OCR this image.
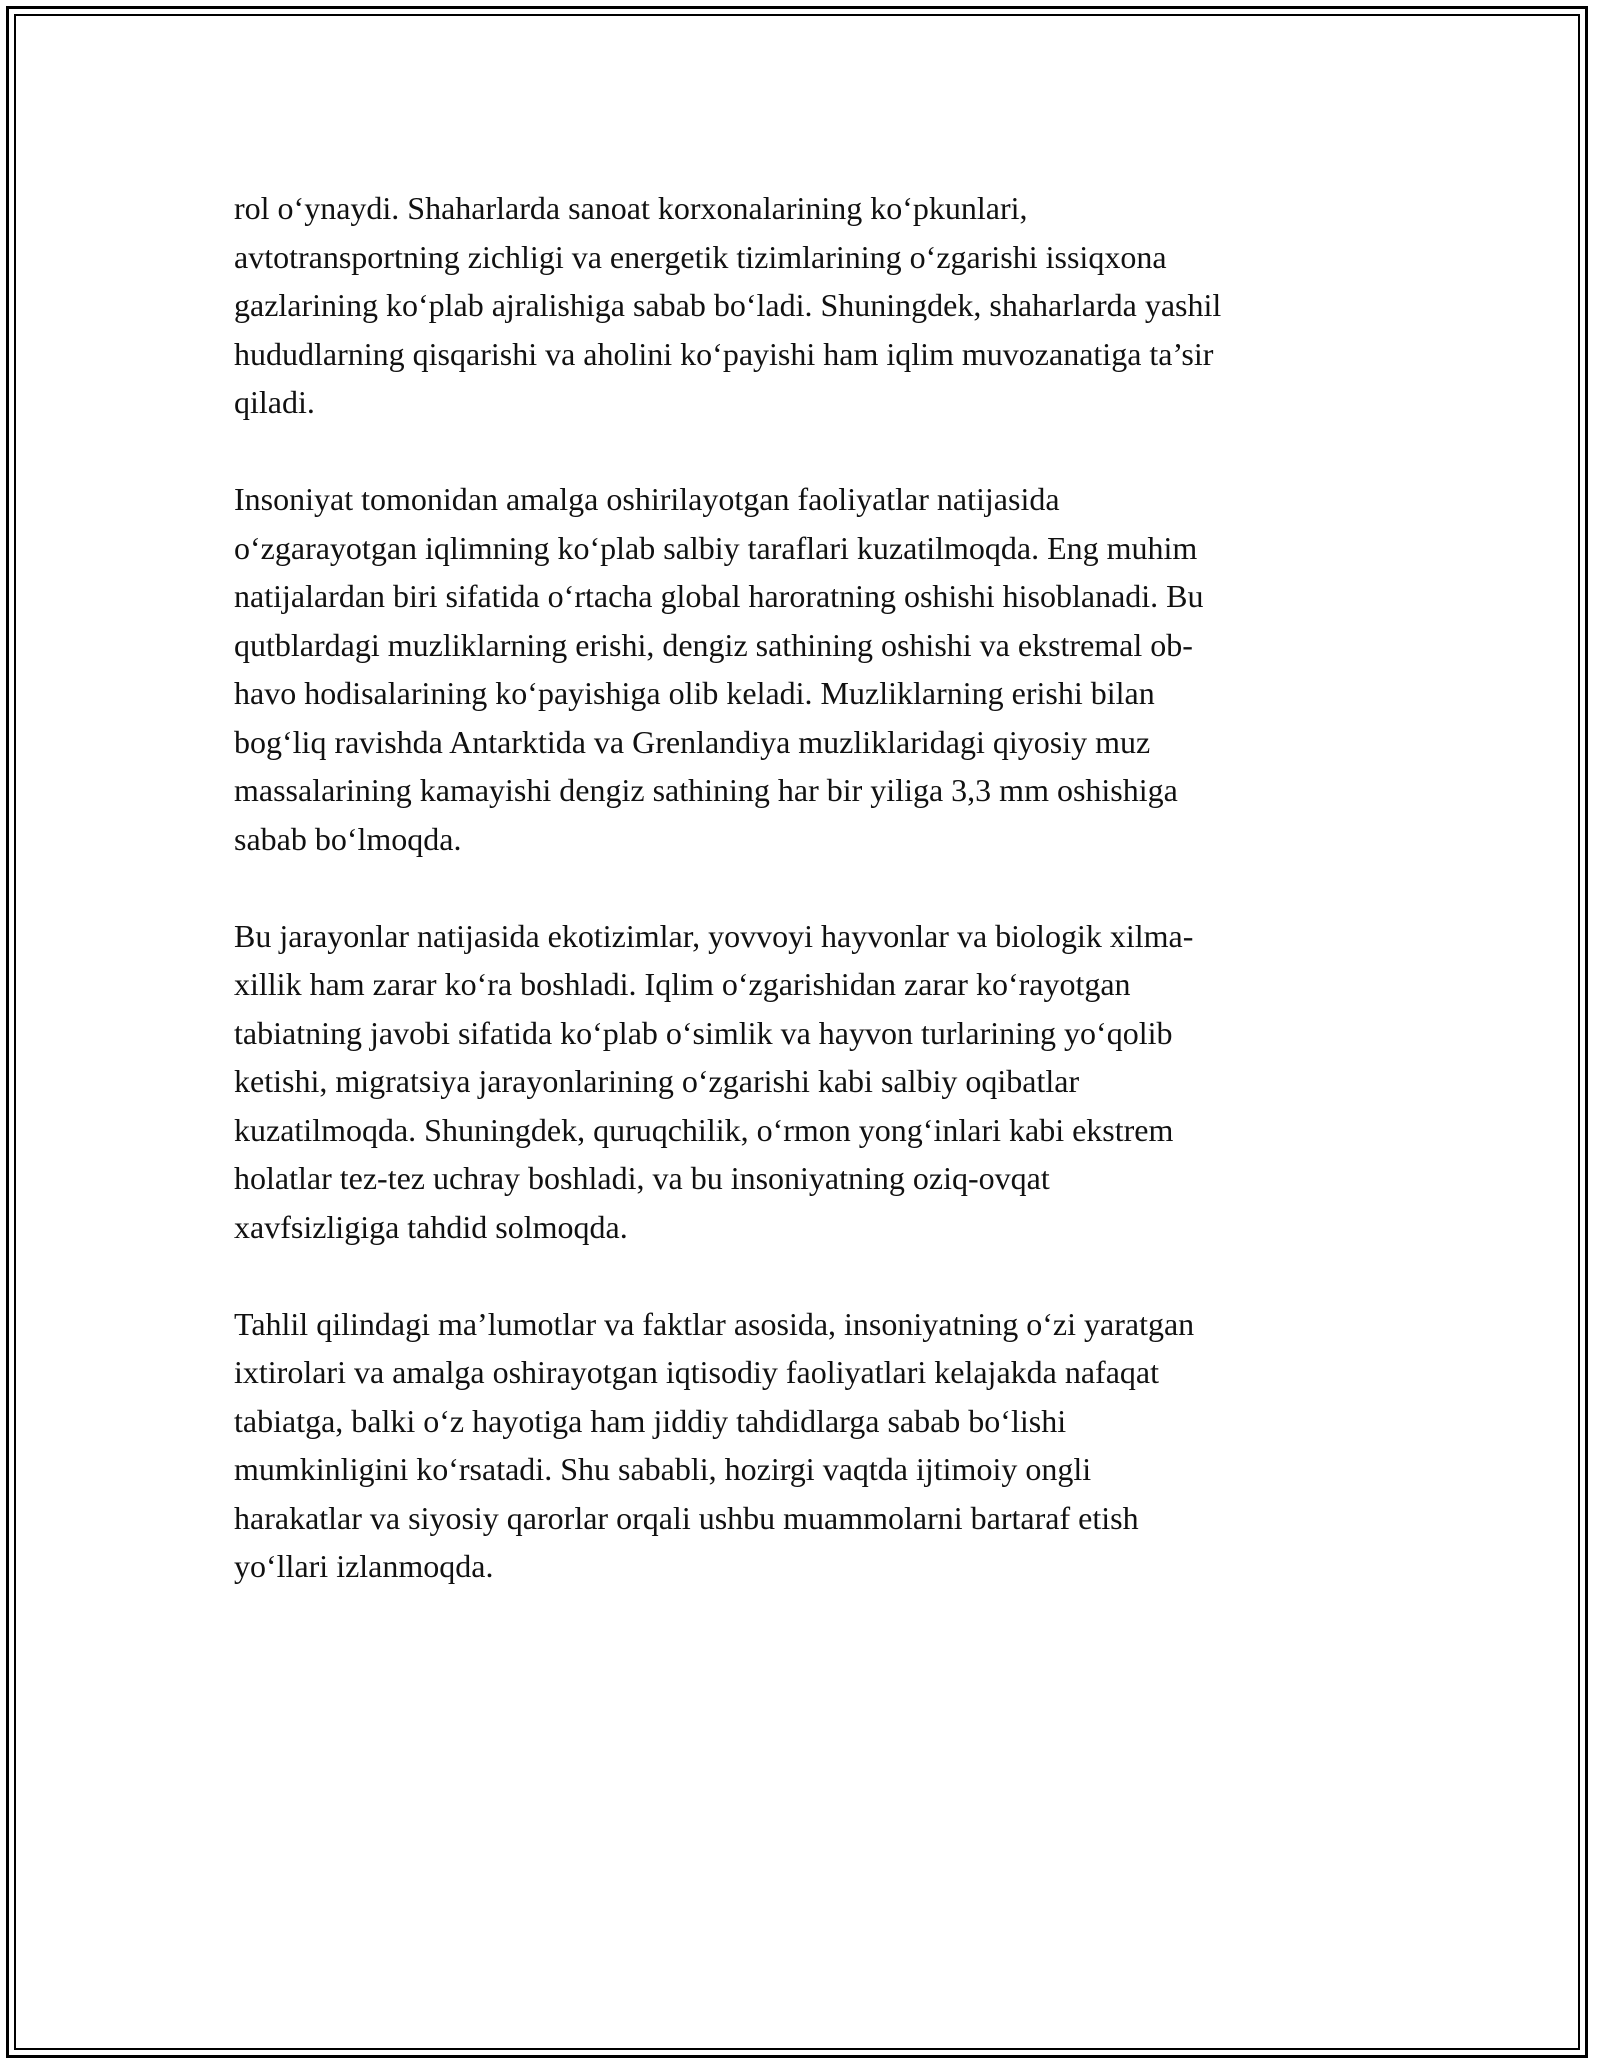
rol o‘ynaydi. Shaharlarda sanoat korxonalarining ko‘pkunlari,
avtotransportning zichligi va energetik tizimlarining o‘zgarishi issiqxona
gazlarining ko‘plab ajralishiga sabab bo‘ladi. Shuningdek, shaharlarda yashil
hududlarning qisqarishi va aholini ko‘payishi ham iqlim muvozanatiga ta’sir
qiladi.

Insoniyat tomonidan amalga oshirilayotgan faoliyatlar natijasida
o‘zgarayotgan iqlimning ko‘plab salbiy taraflari kuzatilmoqda. Eng muhim
natijalardan biri sifatida o‘rtacha global haroratning oshishi hisoblanadi. Bu
qutblardagi muzliklarning erishi, dengiz sathining oshishi va ekstremal ob-
havo hodisalarining ko‘payishiga olib keladi. Muzliklarning erishi bilan
bog‘liq ravishda Antarktida va Grenlandiya muzliklaridagi qiyosiy muz
massalarining kamayishi dengiz sathining har bir yiliga 3,3 mm oshishiga
sabab bo‘lmoqda.

Bu jarayonlar natijasida ekotizimlar, yovvoyi hayvonlar va biologik xilma-
xillik ham zarar ko‘ra boshladi. Iqlim o‘zgarishidan zarar ko‘rayotgan
tabiatning javobi sifatida ko‘plab o‘simlik va hayvon turlarining yo‘qolib
ketishi, migratsiya jarayonlarining o‘zgarishi kabi salbiy oqibatlar
kuzatilmoqda. Shuningdek, quruqchilik, o‘rmon yong‘inlari kabi ekstrem
holatlar tez-tez uchray boshladi, va bu insoniyatning oziq-ovqat
xavfsizligiga tahdid solmoqda.

Tahlil qilindagi ma’lumotlar va faktlar asosida, insoniyatning o‘zi yaratgan
ixtirolari va amalga oshirayotgan iqtisodiy faoliyatlari kelajakda nafaqat
tabiatga, balki o‘z hayotiga ham jiddiy tahdidlarga sabab bo‘lishi
mumkinligini ko‘rsatadi. Shu sababli, hozirgi vaqtda ijtimoiy ongli
harakatlar va siyosiy qarorlar orqali ushbu muammolarni bartaraf etish
yo‘llari izlanmoqda.
